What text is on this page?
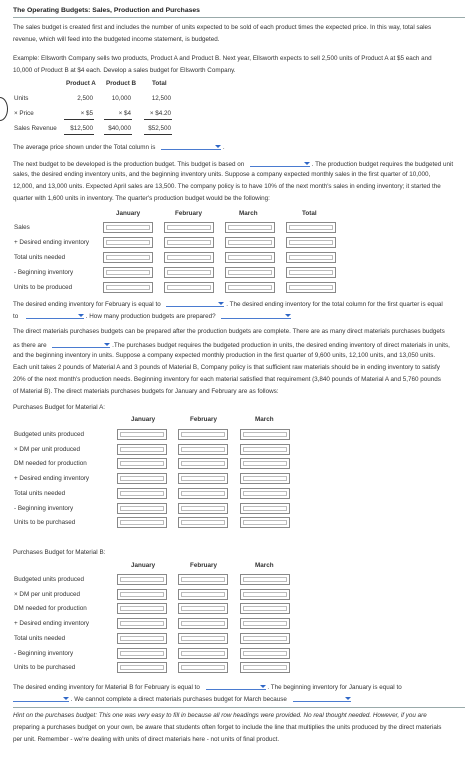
The Operating Budgets: Sales, Production and Purchases
The sales budget is created first and includes the number of units expected to be sold of each product times the expected price. In this way, total sales
revenue, which will feed into the budgeted income statement, is budgeted.
Example: Ellsworth Company sells two products, Product A and Product B. Next year, Ellsworth expects to sell 2,500 units of Product A at $5 each and
10,000 of Product B at $4 each. Develop a sales budget for Ellsworth Company.
Product A Product B	Total
Units	2,500	10,000	12,500
× Price	× $5	× $4	× $4.20
Sales Revenue	$12,500	$40,000	$52,500
The average price shown under the Total column is	.
The next budget to be developed is the production budget. This budget is based on	. The production budget requires the budgeted unit
sales, the desired ending inventory units, and the beginning inventory units. Suppose a company expected monthly sales in the first quarter of 10,000,
12,000, and 13,000 units. Expected April sales are 13,500. The company policy is to have 10% of the next month's sales in ending inventory; it started the
quarter with 1,600 units in inventory. The quarter's production budget would be the following:
January	February	March	Total
Sales
+ Desired ending inventory
Total units needed
- Beginning inventory
Units to be produced
The desired ending inventory for February is equal to	. The desired ending inventory for the total column for the first quarter is equal
to	. How many production budgets are prepared?
The direct materials purchases budgets can be prepared after the production budgets are complete. There are as many direct materials purchases budgets
as there are	.The purchases budget requires the budgeted production in units, the desired ending inventory of direct materials in units,
and the beginning inventory in units. Suppose a company expected monthly production in the first quarter of 9,600 units, 12,100 units, and 13,050 units.
Each unit takes 2 pounds of Material A and 3 pounds of Material B, Company policy is that sufficient raw materials should be in ending inventory to satisfy
20% of the next month's production needs. Beginning inventory for each material satisfied that requirement (3,840 pounds of Material A and 5,760 pounds
of Material B). The direct materials purchases budgets for January and February are as follows:
Purchases Budget for Material A:
January	February	March
Budgeted units produced
× DM per unit produced
DM needed for production
+ Desired ending inventory
Total units needed
- Beginning inventory
Units to be purchased
Purchases Budget for Material B:
January	February	March
Budgeted units produced
× DM per unit produced
DM needed for production
+ Desired ending inventory
Total units needed
- Beginning inventory
Units to be purchased
The desired ending inventory for Material B for February is equal to	. The beginning inventory for January is equal to
. We cannot complete a direct materials purchases budget for March because
Hint on the purchases budget: This one was very easy to fill in because all row headings were provided. No real thought needed. However, if you are
preparing a purchases budget on your own, be aware that students often forget to include the line that multiplies the units produced by the direct materials
per unit. Remember - we're dealing with units of direct materials here - not units of final product.
